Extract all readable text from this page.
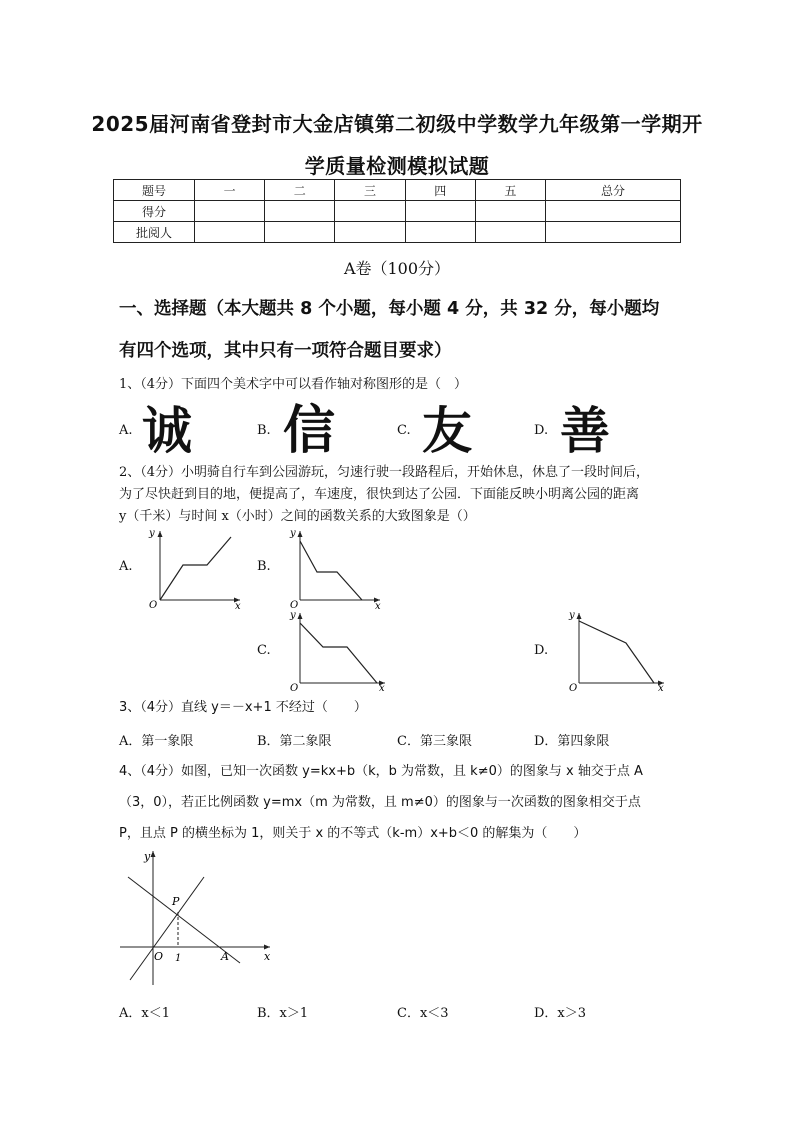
2025届河南省登封市大金店镇第二初级中学数学九年级第一学期开
学质量检测模拟试题
题号	一	二	三	四	五	总分
得分						
批阅人						
A卷（100分）
一、选择题（本大题共 8 个小题，每小题 4 分，共 32 分，每小题均
有四个选项，其中只有一项符合题目要求）
1、（4分）下面四个美术字中可以看作轴对称图形的是（　）
A. 诚	B. 信	C. 友	D. 善
2、（4分）小明骑自行车到公园游玩，匀速行驶一段路程后，开始休息，休息了一段时间后，
为了尽快赶到目的地，便提高了，车速度，很快到达了公园．下面能反映小明离公园的距离
y（千米）与时间 x（小时）之间的函数关系的大致图象是（）
A.	B.
C.	D.
y
x
O
y
x
O
y
x
O
y
x
O
3、（4分）直线 y＝－x+1 不经过（　　）
A．第一象限	B．第二象限	C．第三象限	D．第四象限
4、（4分）如图，已知一次函数 y=kx+b（k，b 为常数，且 k≠0）的图象与 x 轴交于点 A
（3，0），若正比例函数 y=mx（m 为常数，且 m≠0）的图象与一次函数的图象相交于点
P，且点 P 的横坐标为 1，则关于 x 的不等式（k-m）x+b＜0 的解集为（　　）
y
x
P
O 1	A
A．x＜1	B．x＞1	C．x＜3	D．x＞3
